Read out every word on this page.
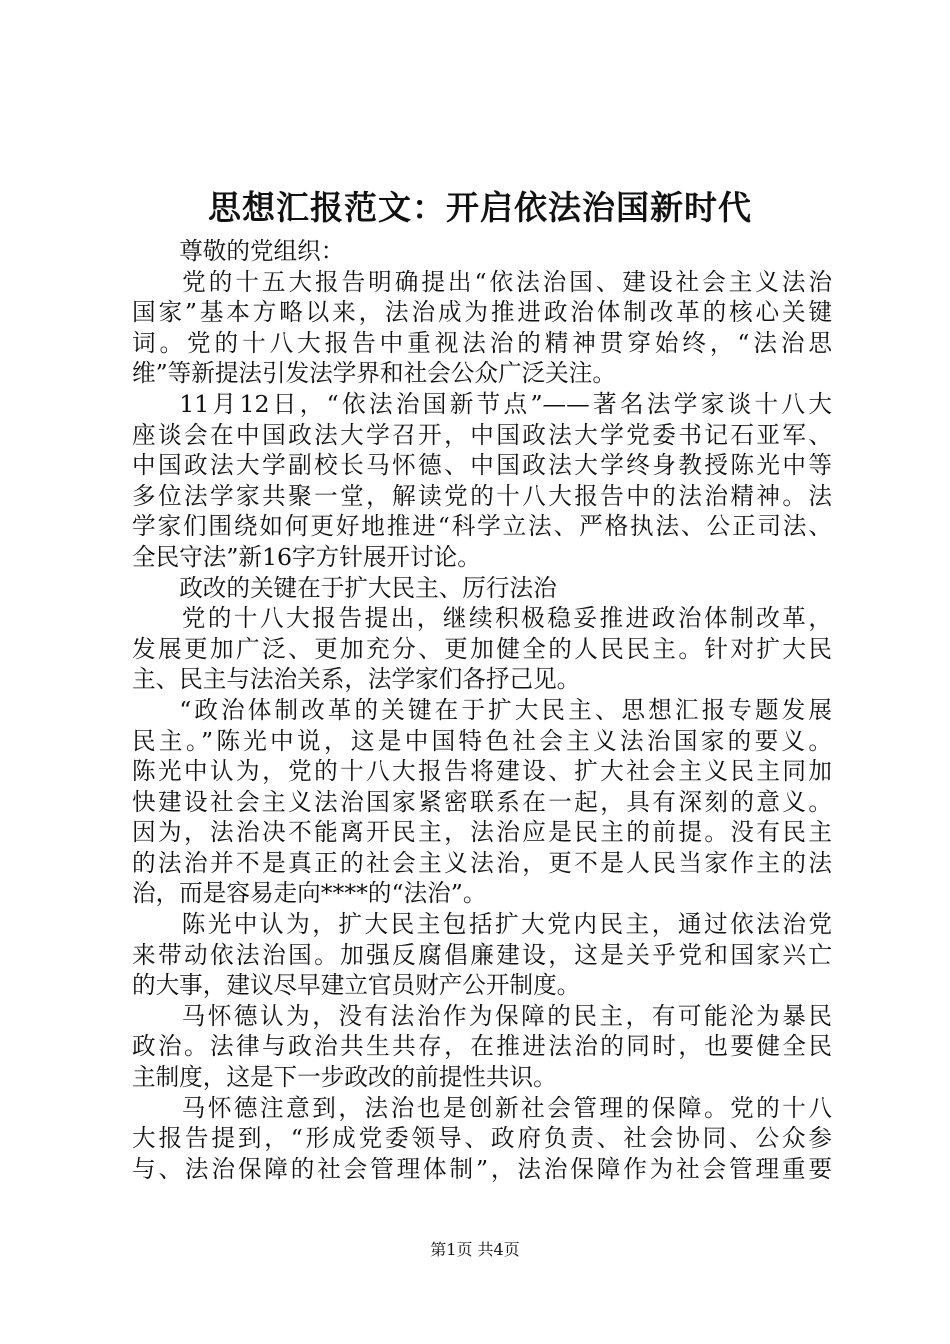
思想汇报范文：开启依法治国新时代
尊敬的党组织：
党的十五大报告明确提出“依法治国、建设社会主义法治
国家”基本方略以来，法治成为推进政治体制改革的核心关键
词。党的十八大报告中重视法治的精神贯穿始终，“法治思
维”等新提法引发法学界和社会公众广泛关注。
11月12日，“依法治国新节点”——著名法学家谈十八大
座谈会在中国政法大学召开，中国政法大学党委书记石亚军、
中国政法大学副校长马怀德、中国政法大学终身教授陈光中等
多位法学家共聚一堂，解读党的十八大报告中的法治精神。法
学家们围绕如何更好地推进“科学立法、严格执法、公正司法、
全民守法”新16字方针展开讨论。
政改的关键在于扩大民主、厉行法治
党的十八大报告提出，继续积极稳妥推进政治体制改革，
发展更加广泛、更加充分、更加健全的人民民主。针对扩大民
主、民主与法治关系，法学家们各抒己见。
“政治体制改革的关键在于扩大民主、思想汇报专题发展
民主。”陈光中说，这是中国特色社会主义法治国家的要义。
陈光中认为，党的十八大报告将建设、扩大社会主义民主同加
快建设社会主义法治国家紧密联系在一起，具有深刻的意义。
因为，法治决不能离开民主，法治应是民主的前提。没有民主
的法治并不是真正的社会主义法治，更不是人民当家作主的法
治，而是容易走向****的“法治”。
陈光中认为，扩大民主包括扩大党内民主，通过依法治党
来带动依法治国。加强反腐倡廉建设，这是关乎党和国家兴亡
的大事，建议尽早建立官员财产公开制度。
马怀德认为，没有法治作为保障的民主，有可能沦为暴民
政治。法律与政治共生共存，在推进法治的同时，也要健全民
主制度，这是下一步政改的前提性共识。
马怀德注意到，法治也是创新社会管理的保障。党的十八
大报告提到，“形成党委领导、政府负责、社会协同、公众参
与、法治保障的社会管理体制”，法治保障作为社会管理重要
第1页 共4页
